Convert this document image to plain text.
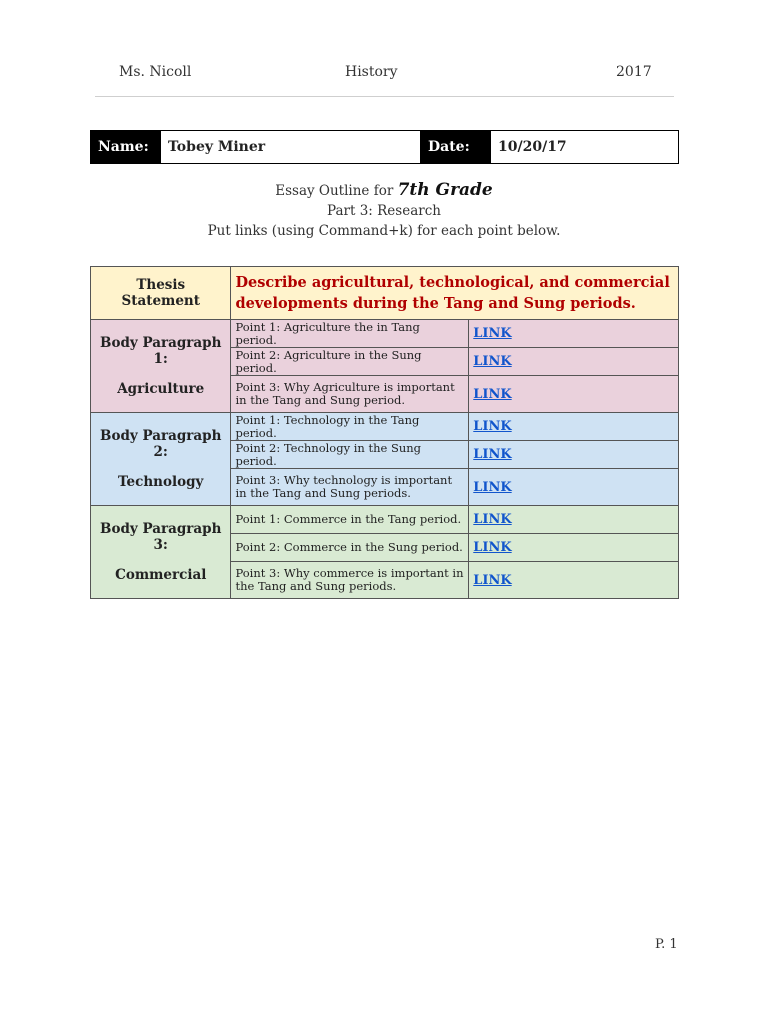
Ms. Nicoll	History	2017
Name:	Tobey Miner	Date:	10/20/17
Essay Outline for 7th Grade
Part 3: Research
Put links (using Command+k) for each point below.
Thesis Statement	Describe agricultural, technological, and commercial developments during the Tang and Sung periods.	

Body Paragraph 1:
Agriculture	Point 1: Agriculture the in Tang period.	LINK
	Point 2: Agriculture in the Sung period.	LINK
	Point 3: Why Agriculture is important in the Tang and Sung period.	LINK

Body Paragraph 2:
Technology	Point 1: Technology in the Tang period.	LINK
	Point 2: Technology in the Sung period.	LINK
	Point 3: Why technology is important in the Tang and Sung periods.	LINK

Body Paragraph 3:
Commercial	Point 1: Commerce in the Tang period.	LINK
	Point 2: Commerce in the Sung period.	LINK
	Point 3: Why commerce is important in the Tang and Sung periods.	LINK
P. 1
